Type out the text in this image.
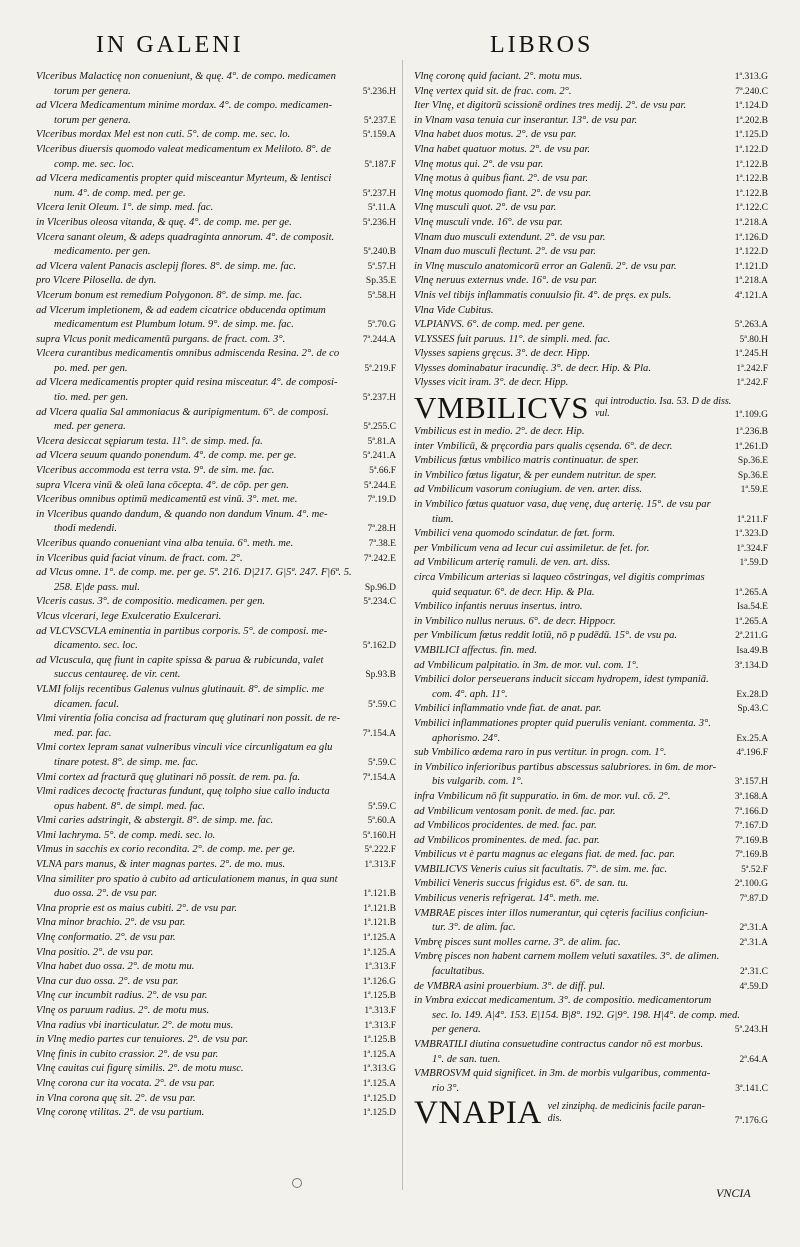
IN GALENI	LIBROS
Vlceribus Malacticę non conueniunt, & quę. 4°. de compo. medicamen
torum per genera.	5ª.236.H
ad Vlcera Medicamentum minime mordax. 4°. de compo. medicamen-
torum per genera.	5ª.237.E
Vlceribus mordax Mel est non cuti. 5°. de comp. me. sec. lo.	5ª.159.A
Vlceribus diuersis quomodo valeat medicamentum ex Meliloto. 8°. de
comp. me. sec. loc.	5ª.187.F
ad Vlcera medicamentis propter quid misceantur Myrteum, & lentisci
num. 4°. de comp. med. per ge.	5ª.237.H
Vlcera lenit Oleum. 1°. de simp. med. fac.	5ª.11.A
in Vlceribus oleosa vitanda, & quę. 4°. de comp. me. per ge.	5ª.236.H
Vlcera sanant oleum, & adeps quadraginta annorum. 4°. de composit.
medicamento. per gen.	5ª.240.B
ad Vlcera valent Panacis asclepij flores. 8°. de simp. me. fac.	5ª.57.H
pro Vlcere Pilosella. de dyn.	Sp.35.E
Vlcerum bonum est remedium Polygonon. 8°. de simp. me. fac.	5ª.58.H
ad Vlcerum impletionem, & ad eadem cicatrice obducenda optimum
medicamentum est Plumbum lotum. 9°. de simp. me. fac.	5ª.70.G
supra Vlcus ponit medicamentū purgans. de fract. com. 3°.	7ª.244.A
Vlcera curantibus medicamentis omnibus admiscenda Resina. 2°. de co
po. med. per gen.	5ª.219.F
ad Vlcera medicamentis propter quid resina misceatur. 4°. de composi-
tio. med. per gen.	5ª.237.H
ad Vlcera qualia Sal ammoniacus & auripigmentum. 6°. de composi.
med. per genera.	5ª.255.C
Vlcera desiccat sępiarum testa. 11°. de simp. med. fa.	5ª.81.A
ad Vlcera seuum quando ponendum. 4°. de comp. me. per ge.	5ª.241.A
Vlceribus accommoda est terra vsta. 9°. de sim. me. fac.	5ª.66.F
supra Vlcera vinū & oleū lana cōcepta. 4°. de cōp. per gen.	5ª.244.E
Vlceribus omnibus optimū medicamentū est vinū. 3°. met. me.	7ª.19.D
in Vlceribus quando dandum, & quando non dandum Vinum. 4°. me-
thodi medendi.	7ª.28.H
Vlceribus quando conueniant vina alba tenuia. 6°. meth. me.	7ª.38.E
in Vlceribus quid faciat vinum. de fract. com. 2°.	7ª.242.E
ad Vlcus omne. 1°. de comp. me. per ge. 5ª. 216. D|217. G|5ª. 247. F|6ª. 5.
258. E|de pass. mul.	Sp.96.D
Vlceris casus. 3°. de compositio. medicamen. per gen.	5ª.234.C
Vlcus vlcerari, lege Exulceratio Exulcerari.
ad VLCVSCVLA eminentia in partibus corporis. 5°. de composi. me-
dicamento. sec. loc.	5ª.162.D
ad Vlcuscula, quę fiunt in capite spissa & parua & rubicunda, valet
succus centaureę. de vir. cent.	Sp.93.B
VLMI folijs recentibus Galenus vulnus glutinauit. 8°. de simplic. me
dicamen. facul.	5ª.59.C
Vlmi virentia folia concisa ad fracturam quę glutinari non possit. de re-
med. par. fac.	7ª.154.A
Vlmi cortex lepram sanat vulneribus vinculi vice circunligatum ea glu
tinare potest. 8°. de simp. me. fac.	5ª.59.C
Vlmi cortex ad fracturā quę glutinari nō possit. de rem. pa. fa.	7ª.154.A
Vlmi radices decoctę fracturas fundunt, quę tolpho siue callo inducta
opus habent. 8°. de simpl. med. fac.	5ª.59.C
Vlmi caries adstringit, & abstergit. 8°. de simp. me. fac.	5ª.60.A
Vlmi lachryma. 5°. de comp. medi. sec. lo.	5ª.160.H
Vlmus in sacchis ex corio recondita. 2°. de comp. me. per ge.	5ª.222.F
VLNA pars manus, & inter magnas partes. 2°. de mo. mus.	1ª.313.F
Vlna similiter pro spatio à cubito ad articulationem manus, in qua sunt
duo ossa. 2°. de vsu par.	1ª.121.B
Vlna proprie est os maius cubiti. 2°. de vsu par.	1ª.121.B
Vlna minor brachio. 2°. de vsu par.	1ª.121.B
Vlnę conformatio. 2°. de vsu par.	1ª.125.A
Vlna positio. 2°. de vsu par.	1ª.125.A
Vlna habet duo ossa. 2°. de motu mu.	1ª.313.F
Vlna cur duo ossa. 2°. de vsu par.	1ª.126.G
Vlnę cur incumbit radius. 2°. de vsu par.	1ª.125.B
Vlnę os paruum radius. 2°. de motu mus.	1ª.313.F
Vlna radius vbi inarticulatur. 2°. de motu mus.	1ª.313.F
in Vlnę medio partes cur tenuiores. 2°. de vsu par.	1ª.125.B
Vlnę finis in cubito crassior. 2°. de vsu par.	1ª.125.A
Vlnę cauitas cui figurę similis. 2°. de motu musc.	1ª.313.G
Vlnę corona cur ita vocata. 2°. de vsu par.	1ª.125.A
in Vlna corona quę sit. 2°. de vsu par.	1ª.125.D
Vlnę coronę vtilitas. 2°. de vsu partium.	1ª.125.D
Vlnę coronę quid faciant. 2°. motu mus.	1ª.313.G
Vlnę vertex quid sit. de frac. com. 2°.	7ª.240.C
Iter Vlnę, et digitorū scissionē ordines tres medij. 2°. de vsu par.	1ª.124.D
in Vlnam vasa tenuia cur inserantur. 13°. de vsu par.	1ª.202.B
Vlna habet duos motus. 2°. de vsu par.	1ª.125.D
Vlna habet quatuor motus. 2°. de vsu par.	1ª.122.D
Vlnę motus qui. 2°. de vsu par.	1ª.122.B
Vlnę motus à quibus fiant. 2°. de vsu par.	1ª.122.B
Vlnę motus quomodo fiant. 2°. de vsu par.	1ª.122.B
Vlnę musculi quot. 2°. de vsu par.	1ª.122.C
Vlnę musculi vnde. 16°. de vsu par.	1ª.218.A
Vlnam duo musculi extendunt. 2°. de vsu par.	1ª.126.D
Vlnam duo musculi flectunt. 2°. de vsu par.	1ª.122.D
in Vlnę musculo anatomicorū error an Galenū. 2°. de vsu par.	1ª.121.D
Vlnę neruus externus vnde. 16°. de vsu par.	1ª.218.A
Vlnis vel tibijs inflammatis conuulsio fit. 4°. de pręs. ex puls.	4ª.121.A
Vlna Vide Cubitus.
VLPIANVS. 6°. de comp. med. per gene.	5ª.263.A
VLYSSES fuit paruus. 11°. de simpli. med. fac.	5ª.80.H
Vlysses sapiens gręcus. 3°. de decr. Hipp.	1ª.245.H
Vlysses dominabatur iracundię. 3°. de decr. Hip. & Pla.	1ª.242.F
Vlysses vicit iram. 3°. de decr. Hipp.	1ª.242.F
VMBILICVS qui introductio. Isa. 53. D de diss.
vul.	1ª.109.G
Vmbilicus est in medio. 2°. de decr. Hip.	1ª.236.B
inter Vmbilicū, & pręcordia pars qualis cęsenda. 6°. de decr.	1ª.261.D
Vmbilicus fœtus vmbilico matris continuatur. de sper.	Sp.36.E
in Vmbilico fœtus ligatur, & per eundem nutritur. de sper.	Sp.36.E
ad Vmbilicum vasorum coniugium. de ven. arter. diss.	1ª.59.E
in Vmbilico fœtus quatuor vasa, duę venę, duę arterię. 15°. de vsu par
tium.	1ª.211.F
Vmbilici vena quomodo scindatur. de fœt. form.	1ª.323.D
per Vmbilicum vena ad Iecur cui assimiletur. de fet. for.	1ª.324.F
ad Vmbilicum arterię ramuli. de ven. art. diss.	1ª.59.D
circa Vmbilicum arterias si laqueo cōstringas, vel digitis comprimas
quid sequatur. 6°. de decr. Hip. & Pla.	1ª.265.A
Vmbilico infantis neruus insertus. intro.	Isa.54.E
in Vmbilico nullus neruus. 6°. de decr. Hippocr.	1ª.265.A
per Vmbilicum fœtus reddit lotiū, nō p pudēdū. 15°. de vsu pa.	2ª.211.G
VMBILICI affectus. fin. med.	Isa.49.B
ad Vmbilicum palpitatio. in 3m. de mor. vul. com. 1°.	3ª.134.D
Vmbilici dolor perseuerans inducit siccam hydropem, idest tympaniā.
com. 4°. aph. 11°.	Ex.28.D
Vmbilici inflammatio vnde fiat. de anat. par.	Sp.43.C
Vmbilici inflammationes propter quid puerulis veniant. commenta. 3°.
aphorismo. 24°.	Ex.25.A
sub Vmbilico œdema raro in pus vertitur. in progn. com. 1°.	4ª.196.F
in Vmbilico inferioribus partibus abscessus salubriores. in 6m. de mor-
bis vulgarib. com. 1°.	3ª.157.H
infra Vmbilicum nō fit suppuratio. in 6m. de mor. vul. cō. 2°.	3ª.168.A
ad Vmbilicum ventosam ponit. de med. fac. par.	7ª.166.D
ad Vmbilicos procidentes. de med. fac. par.	7ª.167.D
ad Vmbilicos prominentes. de med. fac. par.	7ª.169.B
Vmbilicus vt è partu magnus ac elegans fiat. de med. fac. par.	7ª.169.B
VMBILICVS Veneris cuius sit facultatis. 7°. de sim. me. fac.	5ª.52.F
Vmbilici Veneris succus frigidus est. 6°. de san. tu.	2ª.100.G
Vmbilicus veneris refrigerat. 14°. meth. me.	7ª.87.D
VMBRAE pisces inter illos numerantur, qui cęteris facilius conficiun-
tur. 3°. de alim. fac.	2ª.31.A
Vmbrę pisces sunt molles carne. 3°. de alim. fac.	2ª.31.A
Vmbrę pisces non habent carnem mollem veluti saxatiles. 3°. de alimen.
facultatibus.	2ª.31.C
de VMBRA asini prouerbium. 3°. de diff. pul.	4ª.59.D
in Vmbra exiccat medicamentum. 3°. de compositio. medicamentorum
sec. lo. 149. A|4°. 153. E|154. B|8°. 192. G|9°. 198. H|4°. de comp. med.
per genera.	5ª.243.H
VMBRATILI diutina consuetudine contractus candor nō est morbus.
1°. de san. tuen.	2ª.64.A
VMBROSVM quid significet. in 3m. de morbis vulgaribus, commenta-
rio 3°.	3ª.141.C
VNAPIA vel zinziphą. de medicinis facile paran-
dis.	7ª.176.G
VNCIA
